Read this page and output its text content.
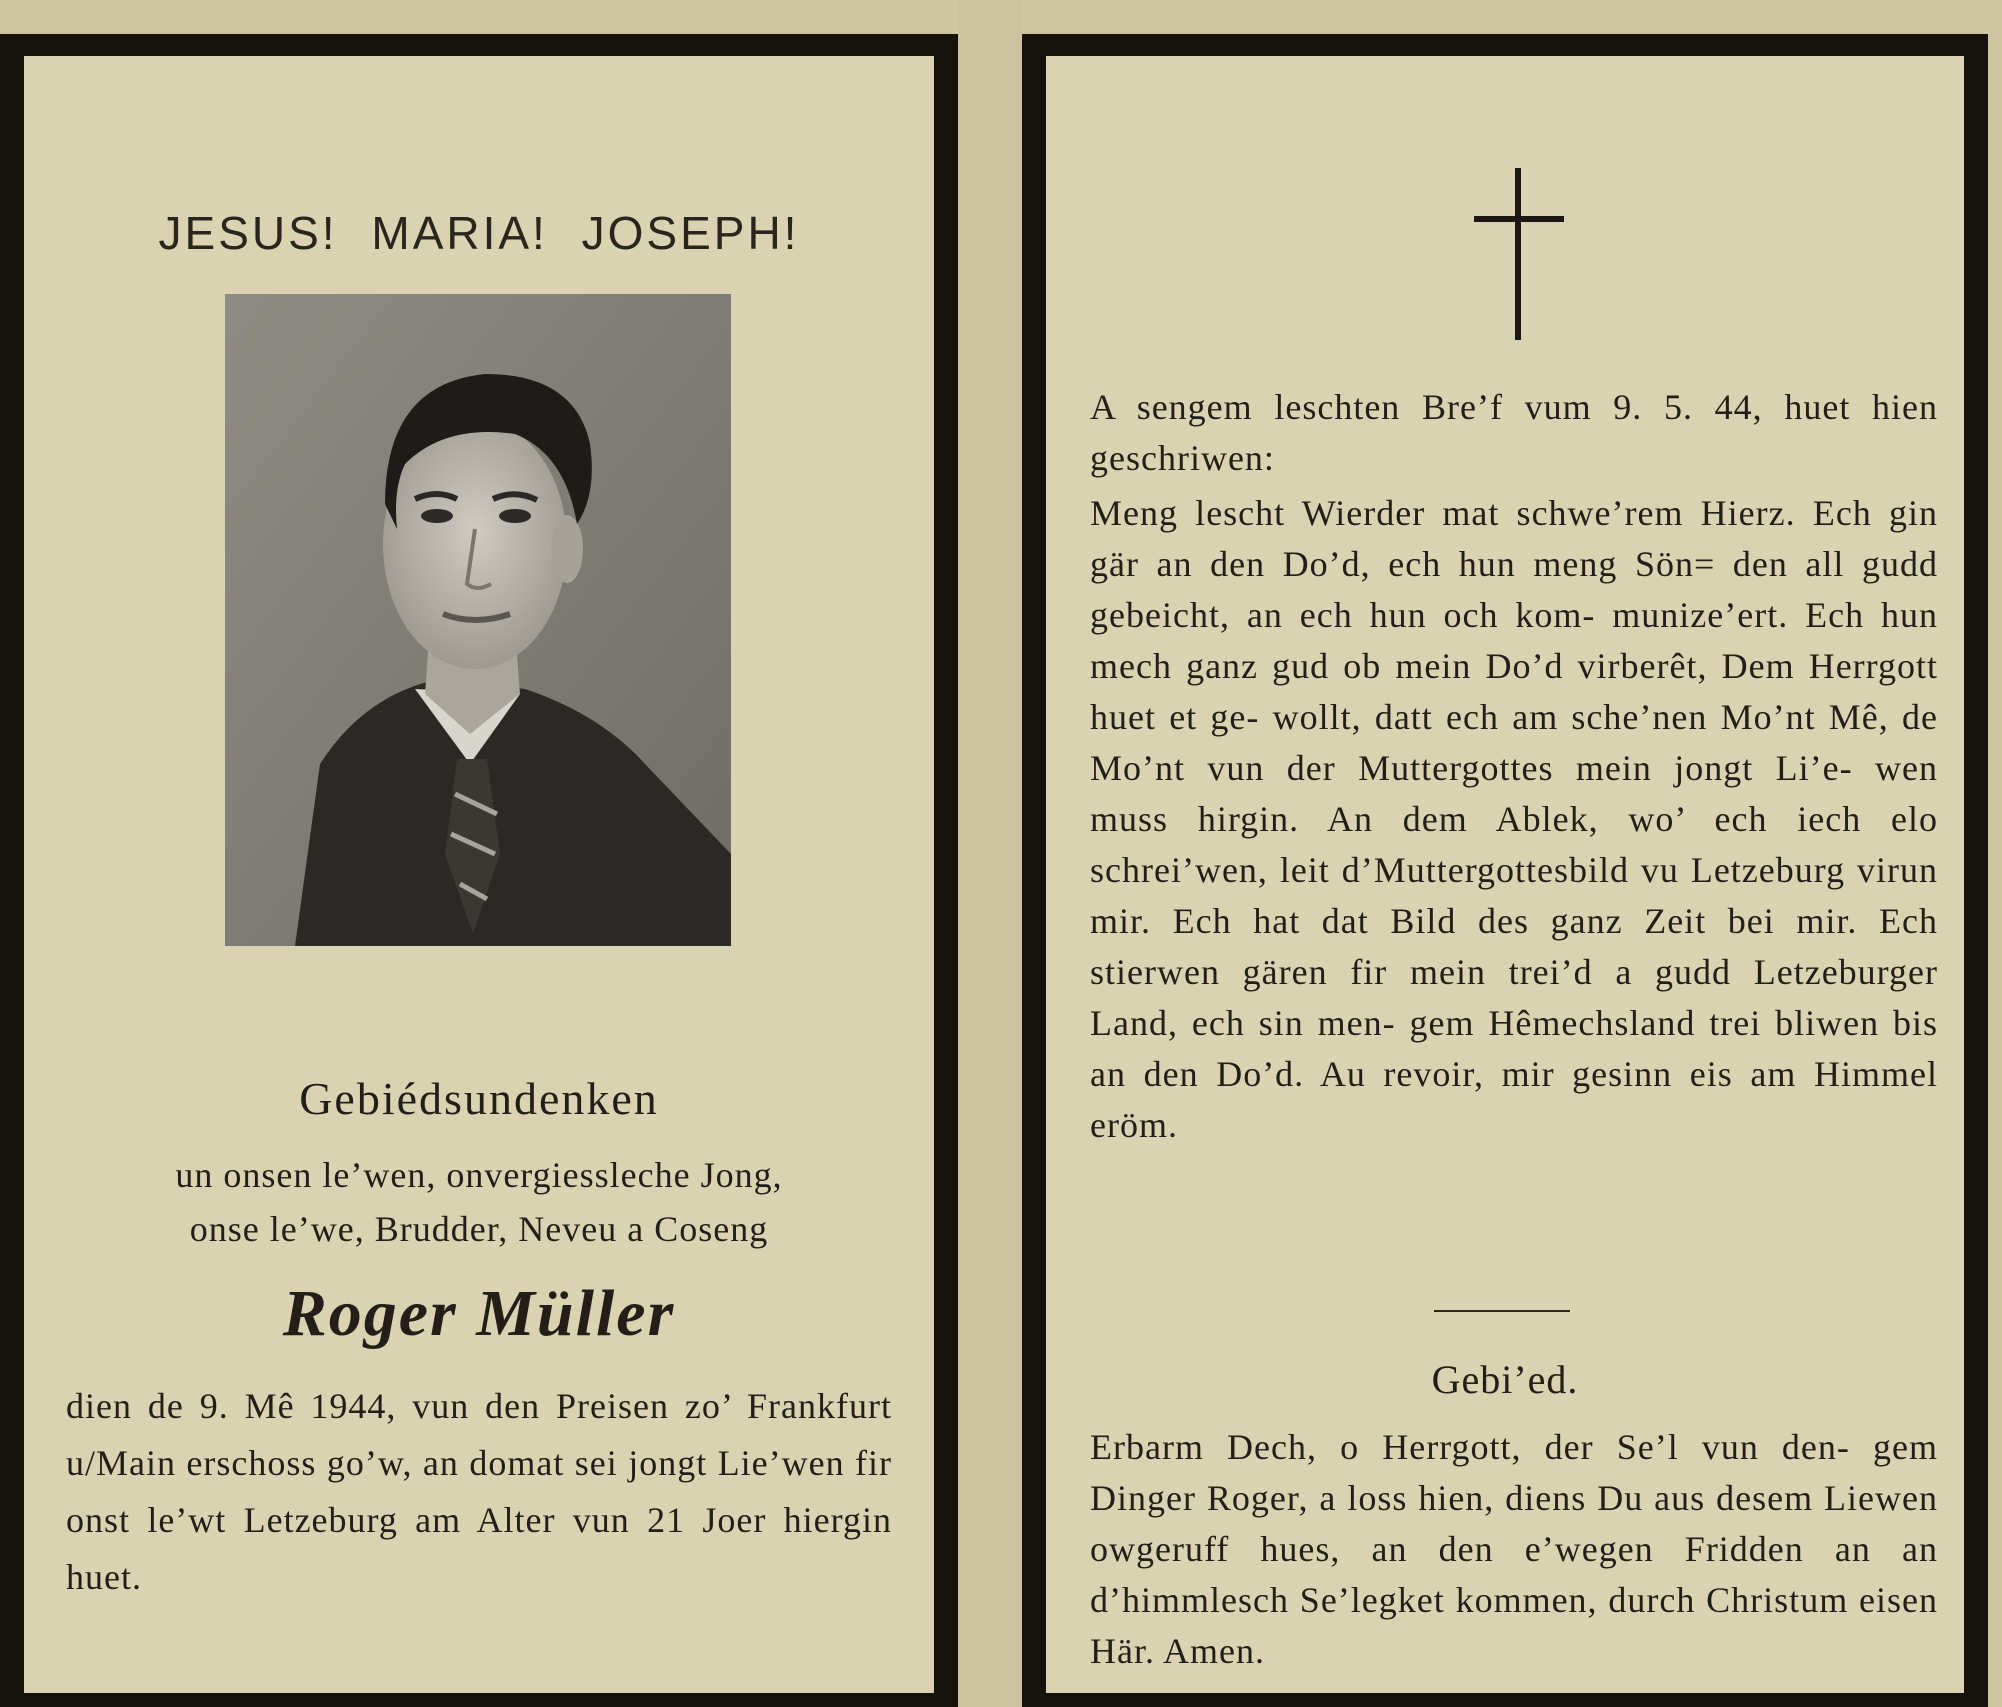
JESUS! MARIA! JOSEPH!
Gebiédsundenken
un onsen le’wen, onvergiessleche Jong,
onse le’we, Brudder, Neveu a Coseng
Roger Müller

dien de 9. Mê 1944, vun den Preisen zo’ Frankfurt u/Main erschoss go’w, an domat sei jongt Lie’wen fir onst le’wt Letzeburg am Alter vun 21 Joer hiergin huet.

A sengem leschten Bre’f vum 9. 5. 44, huet hien geschriwen:

Meng lescht Wierder mat schwe’rem Hierz. Ech gin gär an den Do’d, ech hun meng Sön= den all gudd gebeicht, an ech hun och kom- munize’ert. Ech hun mech ganz gud ob mein Do’d virberêt, Dem Herrgott huet et ge- wollt, datt ech am sche’nen Mo’nt Mê, de Mo’nt vun der Muttergottes mein jongt Li’e- wen muss hirgin. An dem Ablek, wo’ ech iech elo schrei’wen, leit d’Muttergottesbild vu Letzeburg virun mir. Ech hat dat Bild des ganz Zeit bei mir. Ech stierwen gären fir mein trei’d a gudd Letzeburger Land, ech sin men- gem Hêmechsland trei bliwen bis an den Do’d. Au revoir, mir gesinn eis am Himmel eröm.

Gebi’ed.

Erbarm Dech, o Herrgott, der Se’l vun den- gem Dinger Roger, a loss hien, diens Du aus desem Liewen owgeruff hues, an den e’wegen Fridden an an d’himmlesch Se’legket kommen, durch Christum eisen Här. Amen.
